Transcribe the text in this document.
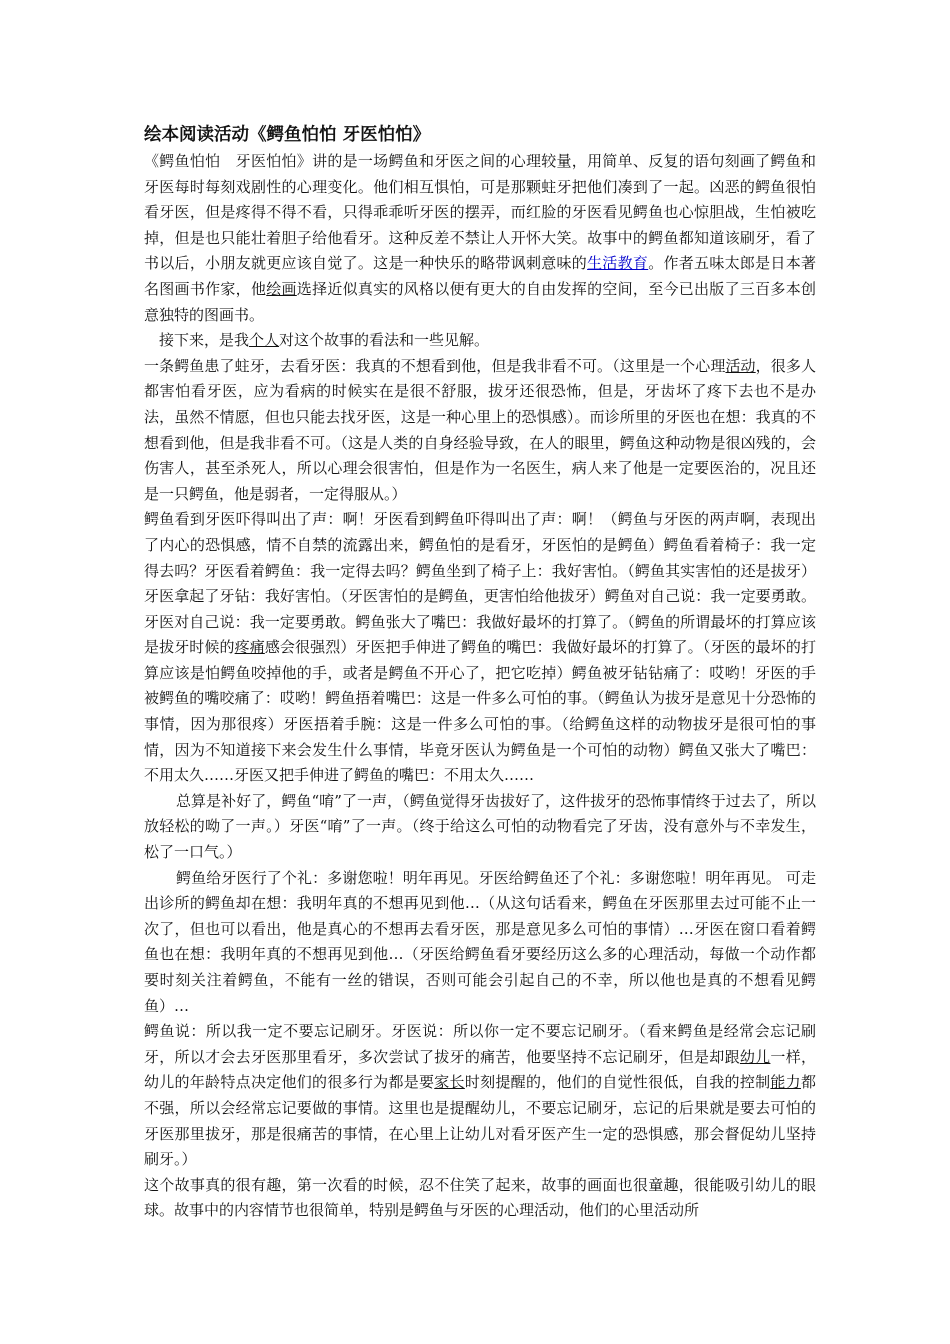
绘本阅读活动《鳄鱼怕怕 牙医怕怕》

《鳄鱼怕怕　牙医怕怕》讲的是一场鳄鱼和牙医之间的心理较量，用简单、反复的语句刻画了鳄鱼和牙医每时每刻戏剧性的心理变化。他们相互惧怕，可是那颗蛀牙把他们凑到了一起。凶恶的鳄鱼很怕看牙医，但是疼得不得不看，只得乖乖听牙医的摆弄，而红脸的牙医看见鳄鱼也心惊胆战，生怕被吃掉，但是也只能壮着胆子给他看牙。这种反差不禁让人开怀大笑。故事中的鳄鱼都知道该刷牙，看了书以后，小朋友就更应该自觉了。这是一种快乐的略带讽刺意味的生活教育。作者五味太郎是日本著名图画书作家，他绘画选择近似真实的风格以便有更大的自由发挥的空间，至今已出版了三百多本创意独特的图画书。

接下来，是我个人对这个故事的看法和一些见解。

一条鳄鱼患了蛀牙，去看牙医：我真的不想看到他，但是我非看不可。（这里是一个心理活动，很多人都害怕看牙医，应为看病的时候实在是很不舒服，拔牙还很恐怖，但是，牙齿坏了疼下去也不是办法，虽然不情愿，但也只能去找牙医，这是一种心里上的恐惧感）。而诊所里的牙医也在想：我真的不想看到他，但是我非看不可。（这是人类的自身经验导致，在人的眼里，鳄鱼这种动物是很凶残的，会伤害人，甚至杀死人，所以心理会很害怕，但是作为一名医生，病人来了他是一定要医治的，况且还是一只鳄鱼，他是弱者，一定得服从。）

鳄鱼看到牙医吓得叫出了声：啊！牙医看到鳄鱼吓得叫出了声：啊！（鳄鱼与牙医的两声啊，表现出了内心的恐惧感，情不自禁的流露出来，鳄鱼怕的是看牙，牙医怕的是鳄鱼）鳄鱼看着椅子：我一定得去吗？牙医看着鳄鱼：我一定得去吗？鳄鱼坐到了椅子上：我好害怕。（鳄鱼其实害怕的还是拔牙）牙医拿起了牙钻：我好害怕。（牙医害怕的是鳄鱼，更害怕给他拔牙）鳄鱼对自己说：我一定要勇敢。牙医对自己说：我一定要勇敢。鳄鱼张大了嘴巴：我做好最坏的打算了。（鳄鱼的所谓最坏的打算应该是拔牙时候的疼痛感会很强烈）牙医把手伸进了鳄鱼的嘴巴：我做好最坏的打算了。（牙医的最坏的打算应该是怕鳄鱼咬掉他的手，或者是鳄鱼不开心了，把它吃掉）鳄鱼被牙钻钻痛了：哎哟！牙医的手被鳄鱼的嘴咬痛了：哎哟！鳄鱼捂着嘴巴：这是一件多么可怕的事。（鳄鱼认为拔牙是意见十分恐怖的事情，因为那很疼）牙医捂着手腕：这是一件多么可怕的事。（给鳄鱼这样的动物拔牙是很可怕的事情，因为不知道接下来会发生什么事情，毕竟牙医认为鳄鱼是一个可怕的动物）鳄鱼又张大了嘴巴：不用太久……牙医又把手伸进了鳄鱼的嘴巴：不用太久……

总算是补好了，鳄鱼“唷”了一声，（鳄鱼觉得牙齿拔好了，这件拔牙的恐怖事情终于过去了，所以放轻松的呦了一声。）牙医“唷”了一声。（终于给这么可怕的动物看完了牙齿，没有意外与不幸发生，松了一口气。）

鳄鱼给牙医行了个礼：多谢您啦！明年再见。牙医给鳄鱼还了个礼：多谢您啦！明年再见。 可走出诊所的鳄鱼却在想：我明年真的不想再见到他…（从这句话看来，鳄鱼在牙医那里去过可能不止一次了，但也可以看出，他是真心的不想再去看牙医，那是意见多么可怕的事情）…牙医在窗口看着鳄鱼也在想：我明年真的不想再见到他…（牙医给鳄鱼看牙要经历这么多的心理活动，每做一个动作都要时刻关注着鳄鱼，不能有一丝的错误，否则可能会引起自己的不幸，所以他也是真的不想看见鳄鱼）…

鳄鱼说：所以我一定不要忘记刷牙。牙医说：所以你一定不要忘记刷牙。（看来鳄鱼是经常会忘记刷牙，所以才会去牙医那里看牙，多次尝试了拔牙的痛苦，他要坚持不忘记刷牙，但是却跟幼儿一样，幼儿的年龄特点决定他们的很多行为都是要家长时刻提醒的，他们的自觉性很低，自我的控制能力都不强，所以会经常忘记要做的事情。这里也是提醒幼儿，不要忘记刷牙，忘记的后果就是要去可怕的牙医那里拔牙，那是很痛苦的事情，在心里上让幼儿对看牙医产生一定的恐惧感，那会督促幼儿坚持刷牙。）

这个故事真的很有趣，第一次看的时候，忍不住笑了起来，故事的画面也很童趣，很能吸引幼儿的眼球。故事中的内容情节也很简单，特别是鳄鱼与牙医的心理活动，他们的心里活动所
